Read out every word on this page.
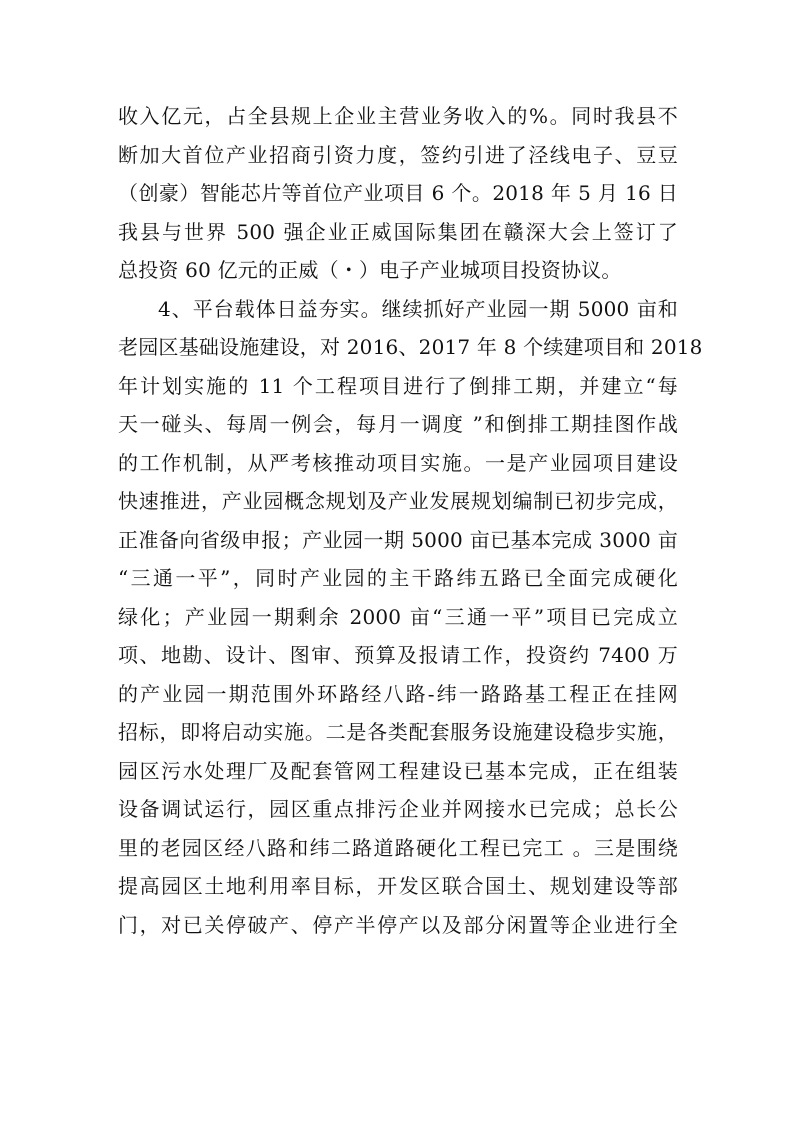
收入亿元，占全县规上企业主营业务收入的%。同时我县不
断加大首位产业招商引资力度，签约引进了泾线电子、豆豆
（创豪）智能芯片等首位产业项目 6 个。2018 年 5 月 16 日
我县与世界 500 强企业正威国际集团在赣深大会上签订了
总投资 60 亿元的正威（・）电子产业城项目投资协议。
4、平台载体日益夯实。继续抓好产业园一期 5000 亩和
老园区基础设施建设，对 2016、2017 年 8 个续建项目和 2018
年计划实施的 11 个工程项目进行了倒排工期，并建立“每
天一碰头、每周一例会，每月一调度 ”和倒排工期挂图作战
的工作机制，从严考核推动项目实施。一是产业园项目建设
快速推进，产业园概念规划及产业发展规划编制已初步完成，
正准备向省级申报；产业园一期 5000 亩已基本完成 3000 亩
“三通一平”，同时产业园的主干路纬五路已全面完成硬化
绿化；产业园一期剩余 2000 亩“三通一平”项目已完成立
项、地勘、设计、图审、预算及报请工作，投资约 7400 万
的产业园一期范围外环路经八路-纬一路路基工程正在挂网
招标，即将启动实施。二是各类配套服务设施建设稳步实施，
园区污水处理厂及配套管网工程建设已基本完成，正在组装
设备调试运行，园区重点排污企业并网接水已完成；总长公
里的老园区经八路和纬二路道路硬化工程已完工 。三是围绕
提高园区土地利用率目标，开发区联合国土、规划建设等部
门，对已关停破产、停产半停产以及部分闲置等企业进行全
